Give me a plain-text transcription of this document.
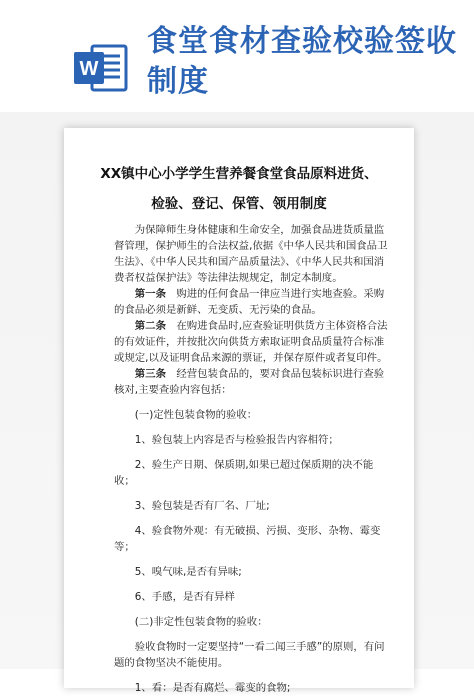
W
食堂食材查验校验签收制度
XX镇中心小学学生营养餐食堂食品原料进货、
检验、登记、保管、领用制度

为保障师生身体健康和生命安全，加强食品进货质量监督管理，保护师生的合法权益,依据《中华人民共和国食品卫生法》、《中华人民共和国产品质量法》、《中华人民共和国消费者权益保护法》等法律法规规定，制定本制度。

第一条　 购进的任何食品一律应当进行实地查验。采购的食品必须是新鲜、无变质、无污染的食品。

第二条　 在购进食品时,应查验证明供货方主体资格合法的有效证件，并按批次向供货方索取证明食品质量符合标准或规定,以及证明食品来源的票证，并保存原件或者复印件。

第三条　 经营包装食品的，要对食品包装标识进行查验核对,主要查验内容包括：

(一)定性包装食物的验收：

1、验包装上内容是否与检验报告内容相符；

2、验生产日期、保质期,如果已超过保质期的决不能收；

3、验包装是否有厂名、厂址;

4、验食物外观：有无破损、污损、变形、杂物、霉变等；

5、嗅气味,是否有异味;

6、手感，是否有异样

(二)非定性包装食物的验收：

验收食物时一定要坚持“一看二闻三手感”的原则，有问题的食物坚决不能使用。

1、看：是否有腐烂、霉变的食物;
